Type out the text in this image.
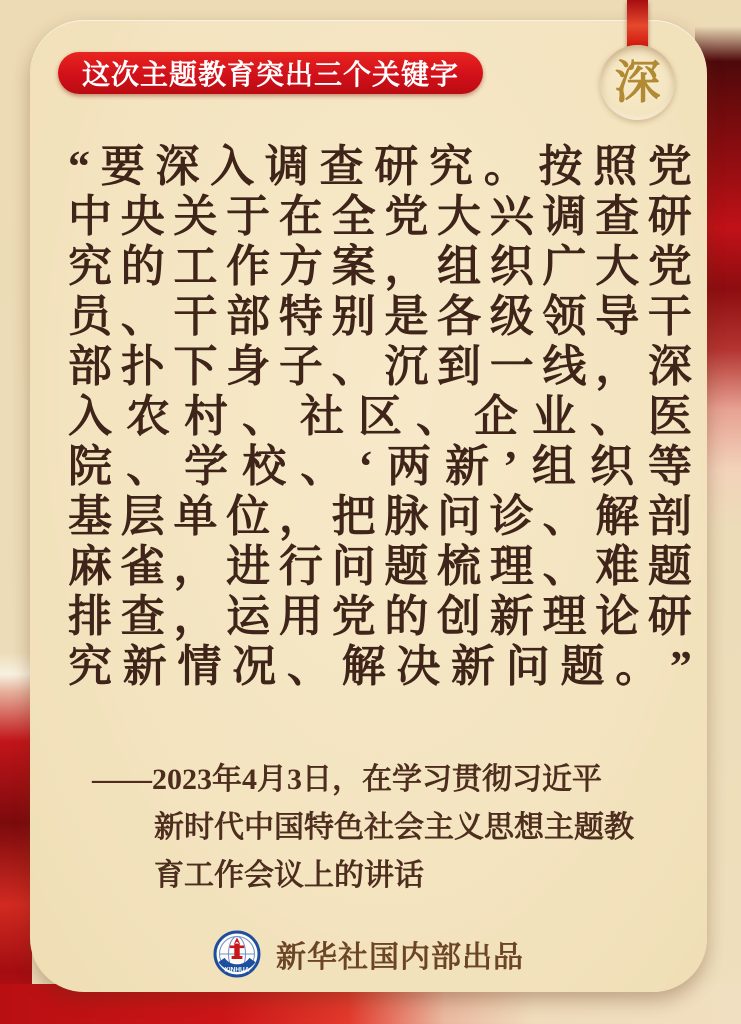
这次主题教育突出三个关键字
“ 要 深 入 调 查 研 究 。 按 照 党
中 央 关 于 在 全 党 大 兴 调 查 研
究 的 工 作 方 案 ， 组 织 广 大 党
员 、 干 部 特 别 是 各 级 领 导 干
部 扑 下 身 子 、 沉 到 一 线 ， 深
入 农 村 、 社 区 、 企 业 、 医
院 、 学 校 、 ‘ 两 新 ’ 组 织 等
基 层 单 位 ， 把 脉 问 诊 、 解 剖
麻 雀 ， 进 行 问 题 梳 理 、 难 题
排 查 ， 运 用 党 的 创 新 理 论 研
究 新 情 况 、 解 决 新 问 题 。 ”
——2023年4月3日，在学习贯彻习近平
新时代中国特色社会主义思想主题教
育工作会议上的讲话
XINHUA 新华社国内部出品
深
